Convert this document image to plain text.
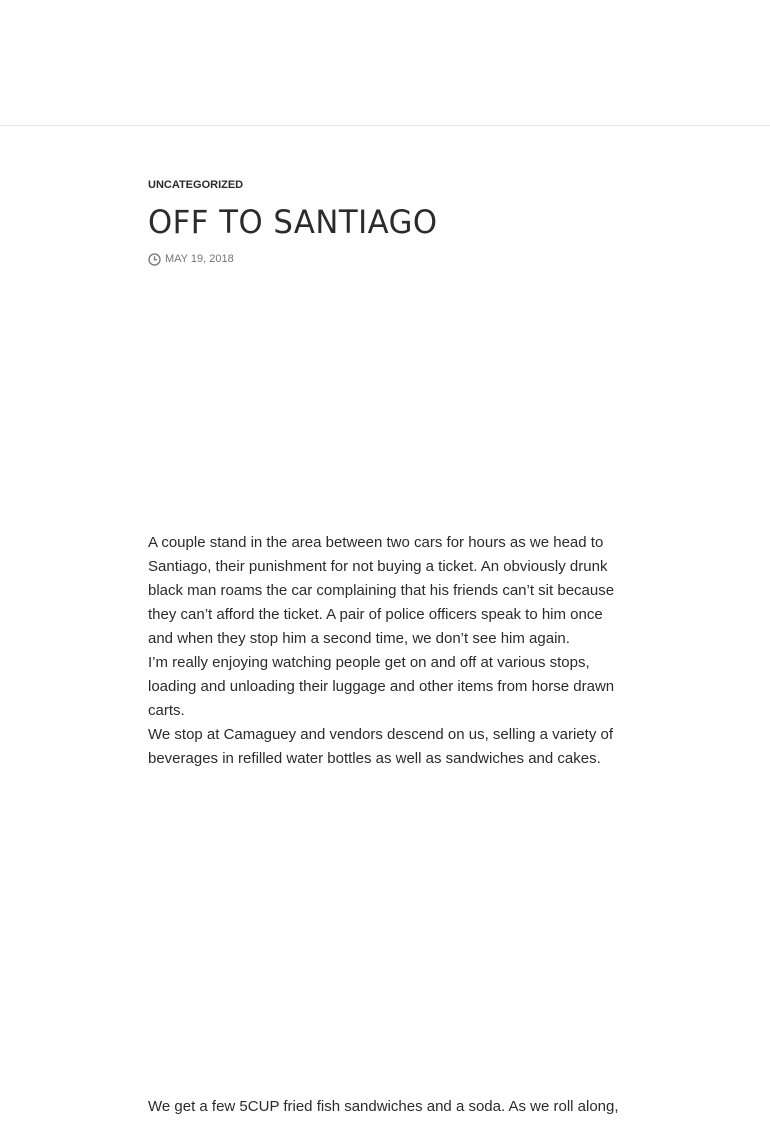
UNCATEGORIZED
OFF TO SANTIAGO
MAY 19, 2018

A couple stand in the area between two cars for hours as we head to Santiago, their punishment for not buying a ticket. An obviously drunk black man roams the car complaining that his friends can’t sit because they can’t afford the ticket. A pair of police officers speak to him once and when they stop him a second time, we don’t see him again.

I’m really enjoying watching people get on and off at various stops, loading and unloading their luggage and other items from horse drawn carts.

We stop at Camaguey and vendors descend on us, selling a variety of beverages in refilled water bottles as well as sandwiches and cakes.

We get a few 5CUP fried fish sandwiches and a soda. As we roll along,
